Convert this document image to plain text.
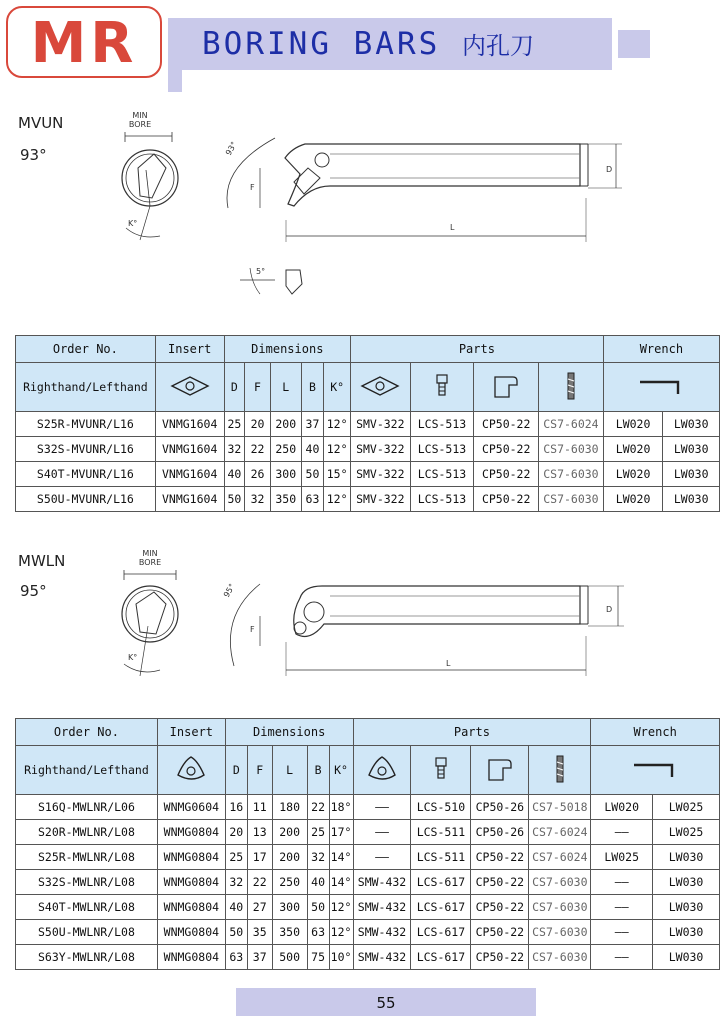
MR	BORING BARS 内孔刀
MVUN
93°
MIN
BORE
K°
93°
F
D
L
5°
Order No.	Insert	Dimensions					Parts				Wrench	
Righthand/Lefthand		D	F	L	B	K°					
S25R-MVUNR/L16	VNMG1604	25	20	200	37	12°	SMV-322	LCS-513	CP50-22	CS7-6024	LW020	LW030
S32S-MVUNR/L16	VNMG1604	32	22	250	40	12°	SMV-322	LCS-513	CP50-22	CS7-6030	LW020	LW030
S40T-MVUNR/L16	VNMG1604	40	26	300	50	15°	SMV-322	LCS-513	CP50-22	CS7-6030	LW020	LW030
S50U-MVUNR/L16	VNMG1604	50	32	350	63	12°	SMV-322	LCS-513	CP50-22	CS7-6030	LW020	LW030
MWLN
95°
MIN
BORE
K°
95°
F
D
L
Order No.	Insert	Dimensions					Parts				Wrench	
Righthand/Lefthand		D	F	L	B	K°					
S16Q-MWLNR/L06	WNMG0604	16	11	180	22	18°	——	LCS-510	CP50-26	CS7-5018	LW020	LW025
S20R-MWLNR/L08	WNMG0804	20	13	200	25	17°	——	LCS-511	CP50-26	CS7-6024	——	LW025
S25R-MWLNR/L08	WNMG0804	25	17	200	32	14°	——	LCS-511	CP50-22	CS7-6024	LW025	LW030
S32S-MWLNR/L08	WNMG0804	32	22	250	40	14°	SMW-432	LCS-617	CP50-22	CS7-6030	——	LW030
S40T-MWLNR/L08	WNMG0804	40	27	300	50	12°	SMW-432	LCS-617	CP50-22	CS7-6030	——	LW030
S50U-MWLNR/L08	WNMG0804	50	35	350	63	12°	SMW-432	LCS-617	CP50-22	CS7-6030	——	LW030
S63Y-MWLNR/L08	WNMG0804	63	37	500	75	10°	SMW-432	LCS-617	CP50-22	CS7-6030	——	LW030
55
